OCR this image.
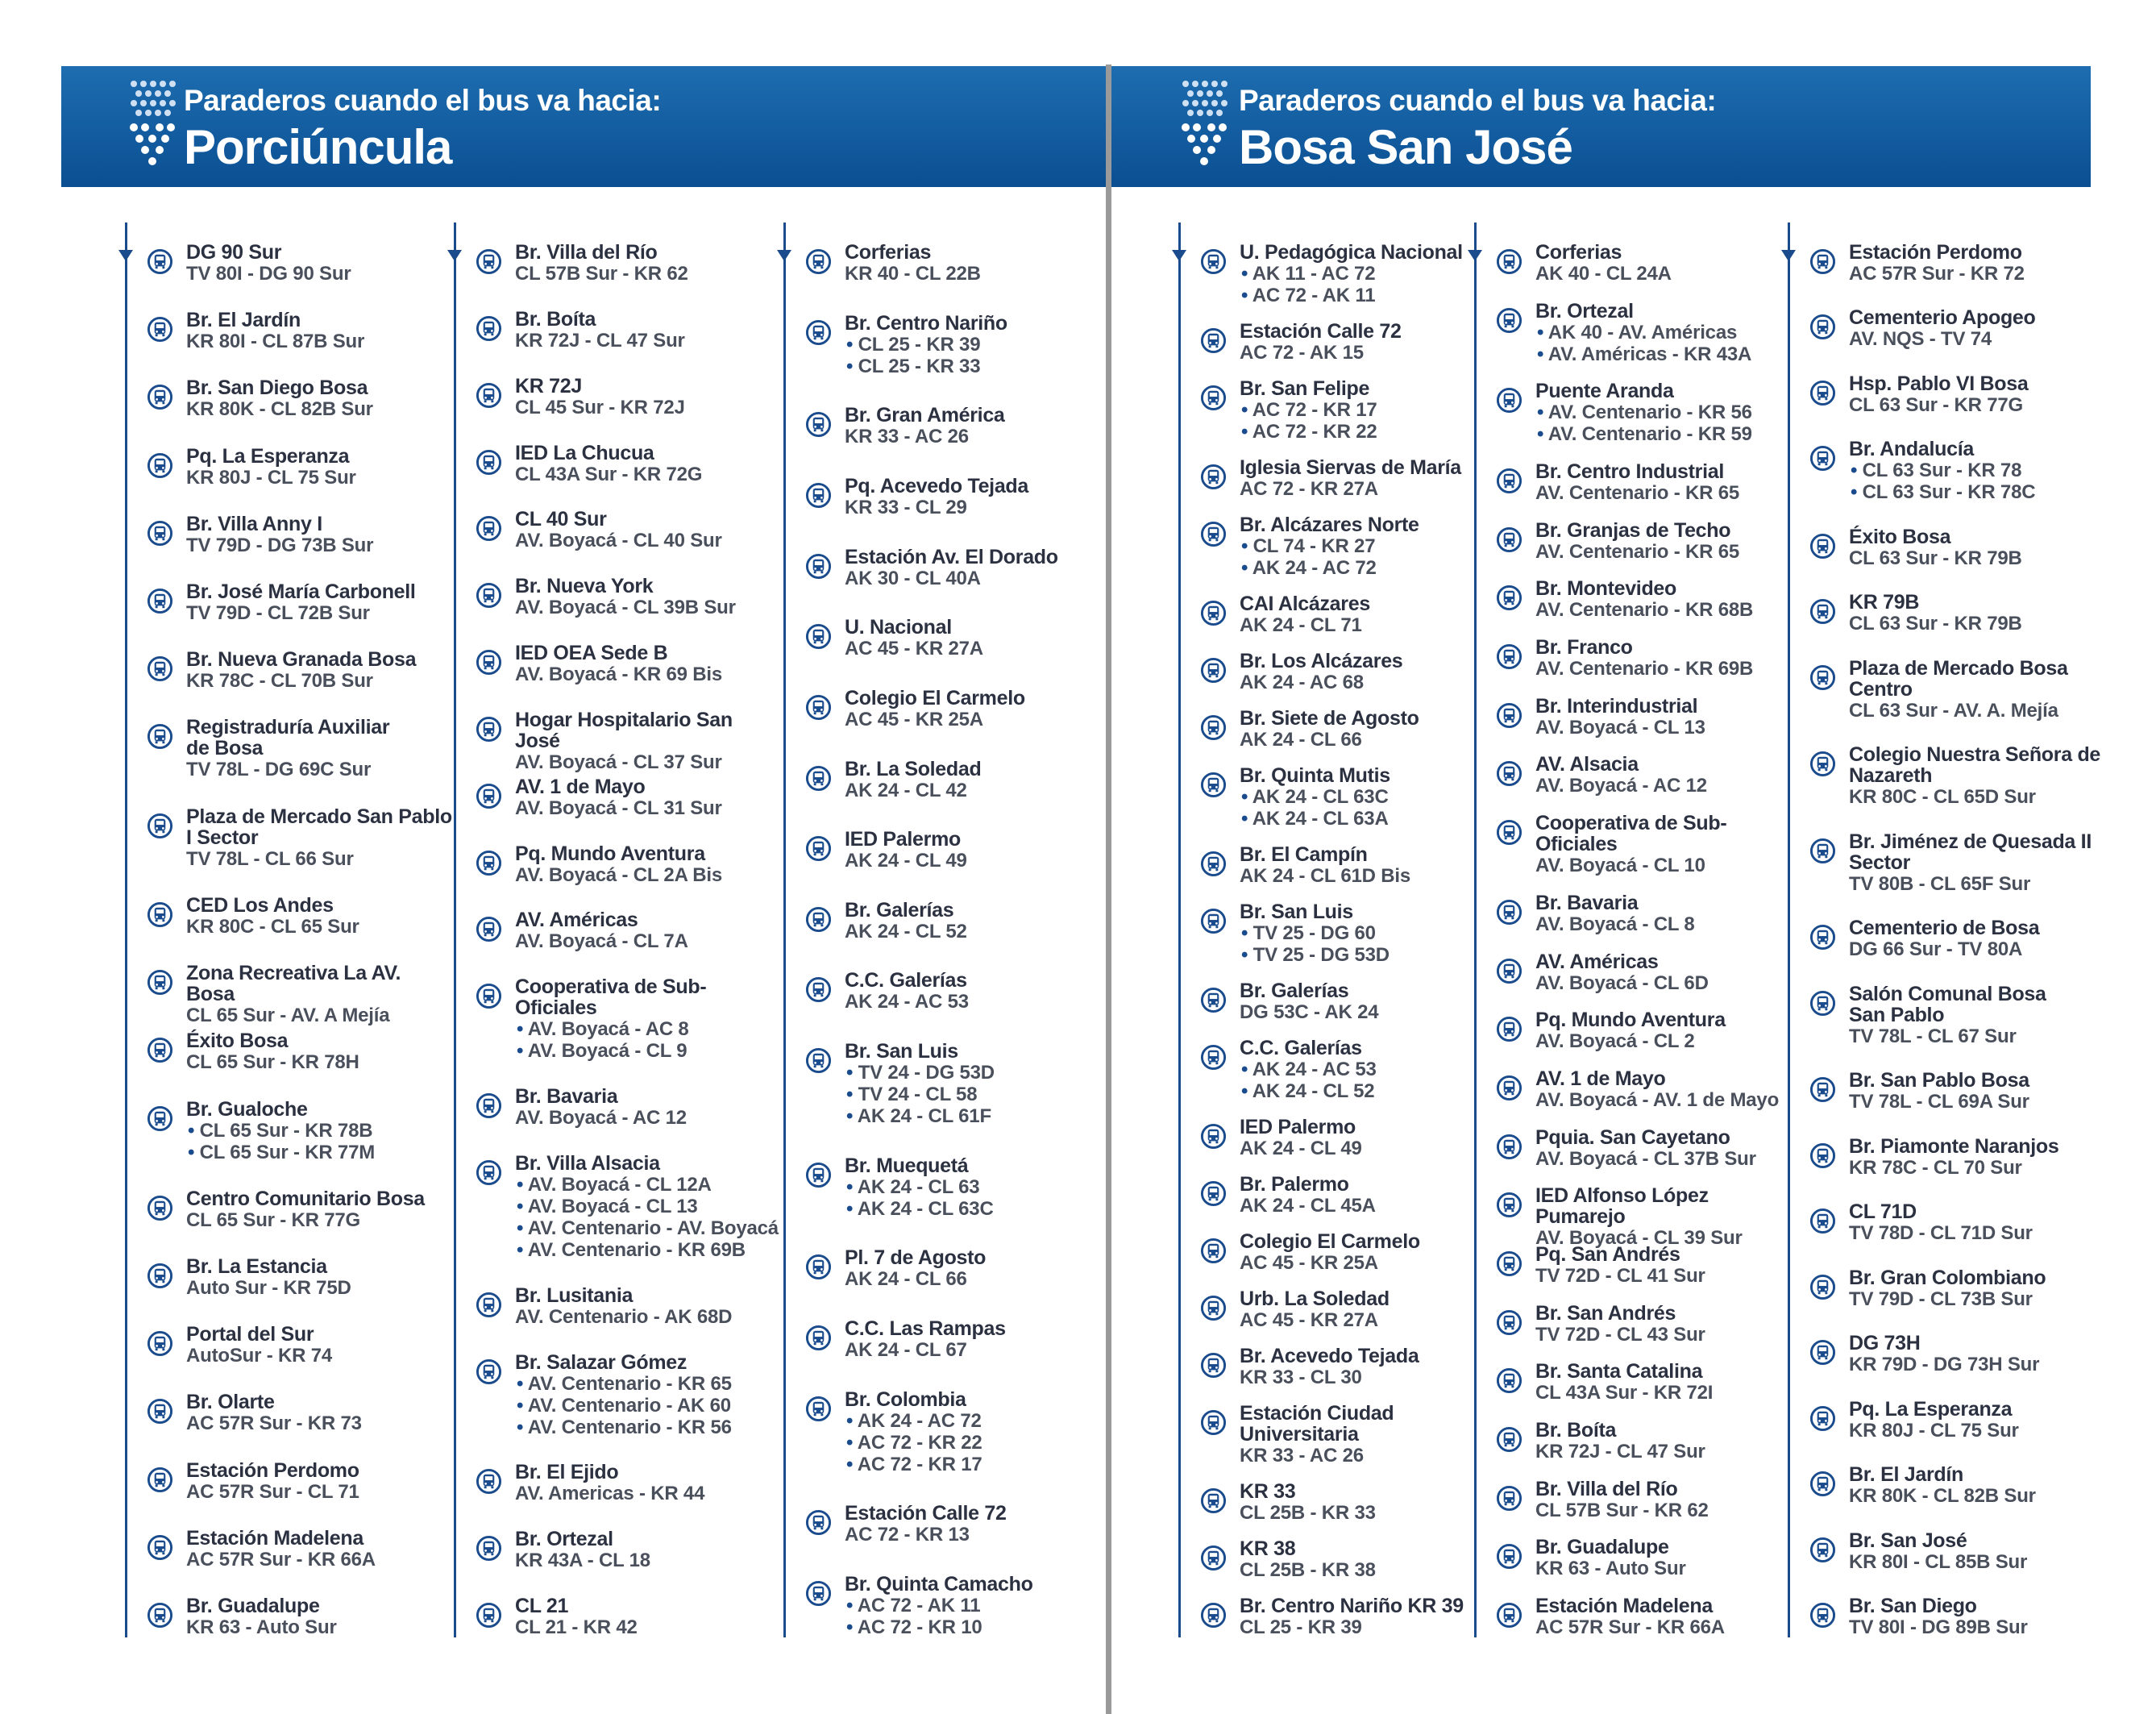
Paraderos cuando el bus va hacia:
Porciúncula
DG 90 Sur
TV 80I - DG 90 Sur
Br. El Jardín
KR 80I - CL 87B Sur
Br. San Diego Bosa
KR 80K - CL 82B Sur
Pq. La Esperanza
KR 80J - CL 75 Sur
Br. Villa Anny I
TV 79D - DG 73B Sur
Br. José María Carbonell
TV 79D - CL 72B Sur
Br. Nueva Granada Bosa
KR 78C - CL 70B Sur
Registraduría Auxiliar
de Bosa
TV 78L - DG 69C Sur
Plaza de Mercado San Pablo
I Sector
TV 78L - CL 66 Sur
CED Los Andes
KR 80C - CL 65 Sur
Zona Recreativa La AV. Bosa
CL 65 Sur - AV. A Mejía
Éxito Bosa
CL 65 Sur - KR 78H
Br. Gualoche
• CL 65 Sur - KR 78B
• CL 65 Sur - KR 77M
Centro Comunitario Bosa
CL 65 Sur - KR 77G
Br. La Estancia
Auto Sur - KR 75D
Portal del Sur
AutoSur - KR 74
Br. Olarte
AC 57R Sur - KR 73
Estación Perdomo
AC 57R Sur - CL 71
Estación Madelena
AC 57R Sur - KR 66A
Br. Guadalupe
KR 63 - Auto Sur
Br. Villa del Río
CL 57B Sur - KR 62
Br. Boíta
KR 72J - CL 47 Sur
KR 72J
CL 45 Sur - KR 72J
IED La Chucua
CL 43A Sur - KR 72G
CL 40 Sur
AV. Boyacá - CL 40 Sur
Br. Nueva York
AV. Boyacá - CL 39B Sur
IED OEA Sede B
AV. Boyacá - KR 69 Bis
Hogar Hospitalario San José
AV. Boyacá - CL 37 Sur
AV. 1 de Mayo
AV. Boyacá - CL 31 Sur
Pq. Mundo Aventura
AV. Boyacá - CL 2A Bis
AV. Américas
AV. Boyacá - CL 7A
Cooperativa de Sub-
Oficiales
• AV. Boyacá - AC 8
• AV. Boyacá - CL 9
Br. Bavaria
AV. Boyacá - AC 12
Br. Villa Alsacia
• AV. Boyacá - CL 12A
• AV. Boyacá - CL 13
• AV. Centenario - AV. Boyacá
• AV. Centenario - KR 69B
Br. Lusitania
AV. Centenario - AK 68D
Br. Salazar Gómez
• AV. Centenario - KR 65
• AV. Centenario - AK 60
• AV. Centenario - KR 56
Br. El Ejido
AV. Americas - KR 44
Br. Ortezal
KR 43A - CL 18
CL 21
CL 21 - KR 42
Corferias
KR 40 - CL 22B
Br. Centro Nariño
• CL 25 - KR 39
• CL 25 - KR 33
Br. Gran América
KR 33 - AC 26
Pq. Acevedo Tejada
KR 33 - CL 29
Estación Av. El Dorado
AK 30 - CL 40A
U. Nacional
AC 45 - KR 27A
Colegio El Carmelo
AC 45 - KR 25A
Br. La Soledad
AK 24 - CL 42
IED Palermo
AK 24 - CL 49
Br. Galerías
AK 24 - CL 52
C.C. Galerías
AK 24 - AC 53
Br. San Luis
• TV 24 - DG 53D
• TV 24 - CL 58
• AK 24 - CL 61F
Br. Muequetá
• AK 24 - CL 63
• AK 24 - CL 63C
Pl. 7 de Agosto
AK 24 - CL 66
C.C. Las Rampas
AK 24 - CL 67
Br. Colombia
• AK 24 - AC 72
• AC 72 - KR 22
• AC 72 - KR 17
Estación Calle 72
AC 72 - KR 13
Br. Quinta Camacho
• AC 72 - AK 11
• AC 72 - KR 10
Paraderos cuando el bus va hacia:
Bosa San José
U. Pedagógica Nacional
• AK 11 - AC 72
• AC 72 - AK 11
Estación Calle 72
AC 72 - AK 15
Br. San Felipe
• AC 72 - KR 17
• AC 72 - KR 22
Iglesia Siervas de María
AC 72 - KR 27A
Br. Alcázares Norte
• CL 74 - KR 27
• AK 24 - AC 72
CAI Alcázares
AK 24 - CL 71
Br. Los Alcázares
AK 24 - AC 68
Br. Siete de Agosto
AK 24 - CL 66
Br. Quinta Mutis
• AK 24 - CL 63C
• AK 24 - CL 63A
Br. El Campín
AK 24 - CL 61D Bis
Br. San Luis
• TV 25 - DG 60
• TV 25 - DG 53D
Br. Galerías
DG 53C - AK 24
C.C. Galerías
• AK 24 - AC 53
• AK 24 - CL 52
IED Palermo
AK 24 - CL 49
Br. Palermo
AK 24 - CL 45A
Colegio El Carmelo
AC 45 - KR 25A
Urb. La Soledad
AC 45 - KR 27A
Br. Acevedo Tejada
KR 33 - CL 30
Estación Ciudad
Universitaria
KR 33 - AC 26
KR 33
CL 25B - KR 33
KR 38
CL 25B - KR 38
Br. Centro Nariño KR 39
CL 25 - KR 39
Corferias
AK 40 - CL 24A
Br. Ortezal
• AK 40 - AV. Américas
• AV. Américas - KR 43A
Puente Aranda
• AV. Centenario - KR 56
• AV. Centenario - KR 59
Br. Centro Industrial
AV. Centenario - KR 65
Br. Granjas de Techo
AV. Centenario - KR 65
Br. Montevideo
AV. Centenario - KR 68B
Br. Franco
AV. Centenario - KR 69B
Br. Interindustrial
AV. Boyacá - CL 13
AV. Alsacia
AV. Boyacá - AC 12
Cooperativa de Sub-
Oficiales
AV. Boyacá - CL 10
Br. Bavaria
AV. Boyacá - CL 8
AV. Américas
AV. Boyacá - CL 6D
Pq. Mundo Aventura
AV. Boyacá - CL 2
AV. 1 de Mayo
AV. Boyacá - AV. 1 de Mayo
Pquia. San Cayetano
AV. Boyacá - CL 37B Sur
IED Alfonso López Pumarejo
AV. Boyacá - CL 39 Sur
Pq. San Andrés
TV 72D - CL 41 Sur
Br. San Andrés
TV 72D - CL 43 Sur
Br. Santa Catalina
CL 43A Sur - KR 72I
Br. Boíta
KR 72J - CL 47 Sur
Br. Villa del Río
CL 57B Sur - KR 62
Br. Guadalupe
KR 63 - Auto Sur
Estación Madelena
AC 57R Sur - KR 66A
Estación Perdomo
AC 57R Sur - KR 72
Cementerio Apogeo
AV. NQS - TV 74
Hsp. Pablo VI Bosa
CL 63 Sur - KR 77G
Br. Andalucía
• CL 63 Sur - KR 78
• CL 63 Sur - KR 78C
Éxito Bosa
CL 63 Sur - KR 79B
KR 79B
CL 63 Sur - KR 79B
Plaza de Mercado Bosa
Centro
CL 63 Sur - AV. A. Mejía
Colegio Nuestra Señora de
Nazareth
KR 80C - CL 65D Sur
Br. Jiménez de Quesada II
Sector
TV 80B - CL 65F Sur
Cementerio de Bosa
DG 66 Sur - TV 80A
Salón Comunal Bosa
San Pablo
TV 78L - CL 67 Sur
Br. San Pablo Bosa
TV 78L - CL 69A Sur
Br. Piamonte Naranjos
KR 78C - CL 70 Sur
CL 71D
TV 78D - CL 71D Sur
Br. Gran Colombiano
TV 79D - CL 73B Sur
DG 73H
KR 79D - DG 73H Sur
Pq. La Esperanza
KR 80J - CL 75 Sur
Br. El Jardín
KR 80K - CL 82B Sur
Br. San José
KR 80I - CL 85B Sur
Br. San Diego
TV 80I - DG 89B Sur
